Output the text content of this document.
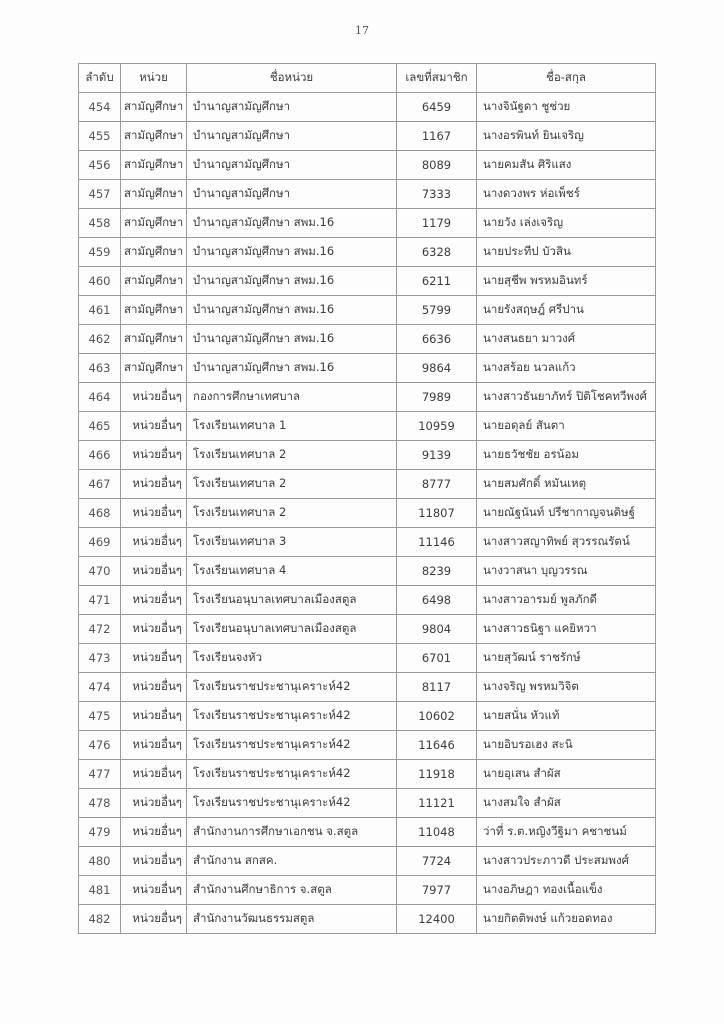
17
ลำดับ	หน่วย	ชื่อหน่วย	เลขที่สมาชิก	ชื่อ-สกุล
454	สามัญศึกษา	บำนาญสามัญศึกษา	6459	นางจินัฐดา ชูช่วย
455	สามัญศึกษา	บำนาญสามัญศึกษา	1167	นางอรพินท์ ยินเจริญ
456	สามัญศึกษา	บำนาญสามัญศึกษา	8089	นายคมสัน ศิริแสง
457	สามัญศึกษา	บำนาญสามัญศึกษา	7333	นางดวงพร ห่อเพ็ชร์
458	สามัญศึกษา	บำนาญสามัญศึกษา สพม.16	1179	นายวัง เล่งเจริญ
459	สามัญศึกษา	บำนาญสามัญศึกษา สพม.16	6328	นายประทีป บัวสิน
460	สามัญศึกษา	บำนาญสามัญศึกษา สพม.16	6211	นายสุชีพ พรหมอินทร์
461	สามัญศึกษา	บำนาญสามัญศึกษา สพม.16	5799	นายรังสฤษฎ์ ศรีปาน
462	สามัญศึกษา	บำนาญสามัญศึกษา สพม.16	6636	นางสนธยา มาวงศ์
463	สามัญศึกษา	บำนาญสามัญศึกษา สพม.16	9864	นางสร้อย นวลแก้ว
464	หน่วยอื่นๆ	กองการศึกษาเทศบาล	7989	นางสาวธันยาภัทร์ ปิติโชคทวีพงศ์
465	หน่วยอื่นๆ	โรงเรียนเทศบาล 1	10959	นายอดุลย์ สันตา
466	หน่วยอื่นๆ	โรงเรียนเทศบาล 2	9139	นายธวัชชัย อรน้อม
467	หน่วยอื่นๆ	โรงเรียนเทศบาล 2	8777	นายสมศักดิ์ หมันเหตุ
468	หน่วยอื่นๆ	โรงเรียนเทศบาล 2	11807	นายณัฐนันท์ ปรีชากาญจนดิษฐ์
469	หน่วยอื่นๆ	โรงเรียนเทศบาล 3	11146	นางสาวสญาทิพย์ สุวรรณรัตน์
470	หน่วยอื่นๆ	โรงเรียนเทศบาล 4	8239	นางวาสนา บุญวรรณ
471	หน่วยอื่นๆ	โรงเรียนอนุบาลเทศบาลเมืองสตูล	6498	นางสาวอารมย์ พูลภักดี
472	หน่วยอื่นๆ	โรงเรียนอนุบาลเทศบาลเมืองสตูล	9804	นางสาวธนิฐา แคยิหวา
473	หน่วยอื่นๆ	โรงเรียนจงหัว	6701	นายสุวัฒน์ ราชรักษ์
474	หน่วยอื่นๆ	โรงเรียนราชประชานุเคราะห์42	8117	นางจริญ พรหมวิจิต
475	หน่วยอื่นๆ	โรงเรียนราชประชานุเคราะห์42	10602	นายสนั่น หัวแท้
476	หน่วยอื่นๆ	โรงเรียนราชประชานุเคราะห์42	11646	นายอิบรอเฮง สะนิ
477	หน่วยอื่นๆ	โรงเรียนราชประชานุเคราะห์42	11918	นายอุเสน สำผัส
478	หน่วยอื่นๆ	โรงเรียนราชประชานุเคราะห์42	11121	นางสมใจ สำผัส
479	หน่วยอื่นๆ	สำนักงานการศึกษาเอกชน จ.สตูล	11048	ว่าที่ ร.ต.หญิงวีฐิมา คชาชนม์
480	หน่วยอื่นๆ	สำนักงาน สกสค.	7724	นางสาวประภาวดี ประสมพงศ์
481	หน่วยอื่นๆ	สำนักงานศึกษาธิการ จ.สตูล	7977	นางอภิษฎา ทองเนื้อแข็ง
482	หน่วยอื่นๆ	สำนักงานวัฒนธรรมสตูล	12400	นายกิตติพงษ์ แก้วยอดทอง
